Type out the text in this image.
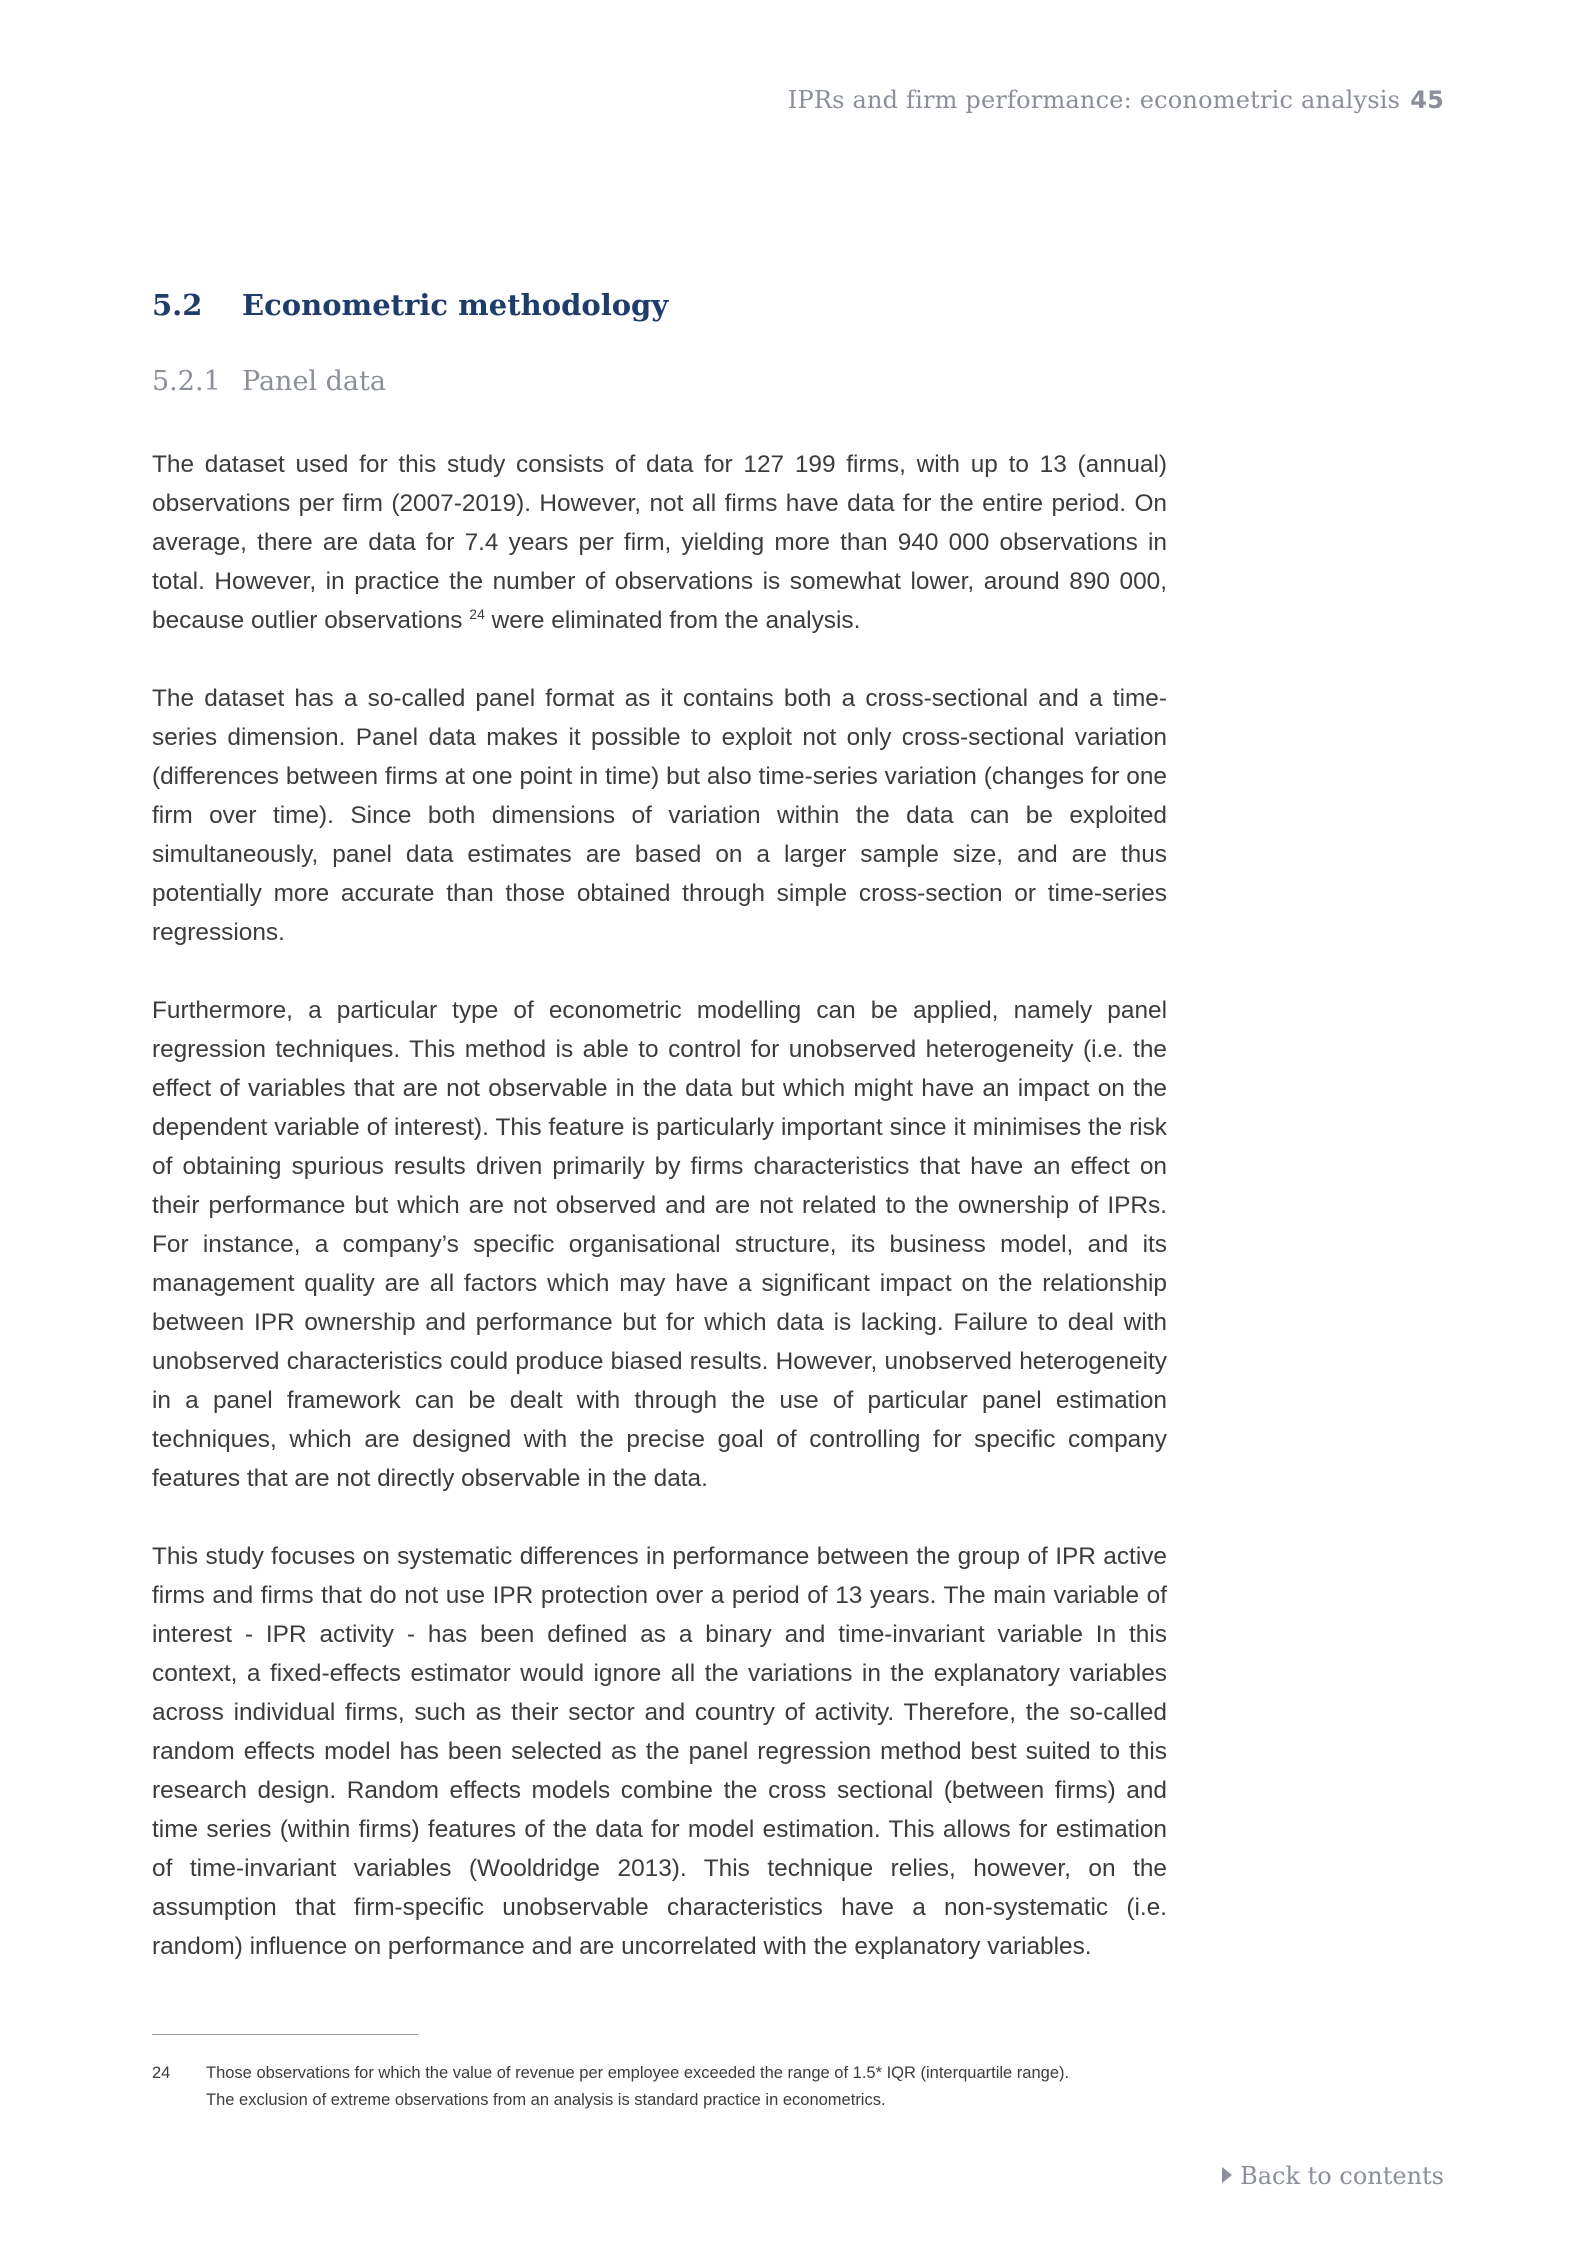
IPRs and firm performance: econometric analysis 45
5.2 Econometric methodology
5.2.1 Panel data

The dataset used for this study consists of data for 127 199 firms, with up to 13 (annual) observations per firm (2007-2019). However, not all firms have data for the entire period. On average, there are data for 7.4 years per firm, yielding more than 940 000 observations in total. However, in practice the number of observations is somewhat lower, around 890 000, because outlier observations $^{24}$ were eliminated from the analysis.

The dataset has a so-called panel format as it contains both a cross-sectional and a time-series dimension. Panel data makes it possible to exploit not only cross-sectional variation (differences between firms at one point in time) but also time-series variation (changes for one firm over time). Since both dimensions of variation within the data can be exploited simultaneously, panel data estimates are based on a larger sample size, and are thus potentially more accurate than those obtained through simple cross-section or time-series regressions.

Furthermore, a particular type of econometric modelling can be applied, namely panel regression techniques. This method is able to control for unobserved heterogeneity (i.e. the effect of variables that are not observable in the data but which might have an impact on the dependent variable of interest). This feature is particularly important since it minimises the risk of obtaining spurious results driven primarily by firms characteristics that have an effect on their performance but which are not observed and are not related to the ownership of IPRs. For instance, a company’s specific organisational structure, its business model, and its management quality are all factors which may have a significant impact on the relationship between IPR ownership and performance but for which data is lacking. Failure to deal with unobserved characteristics could produce biased results. However, unobserved heterogeneity in a panel framework can be dealt with through the use of particular panel estimation techniques, which are designed with the precise goal of controlling for specific company features that are not directly observable in the data.

This study focuses on systematic differences in performance between the group of IPR active firms and firms that do not use IPR protection over a period of 13 years. The main variable of interest - IPR activity - has been defined as a binary and time-invariant variable In this context, a fixed-effects estimator would ignore all the variations in the explanatory variables across individual firms, such as their sector and country of activity. Therefore, the so-called random effects model has been selected as the panel regression method best suited to this research design. Random effects models combine the cross sectional (between firms) and time series (within firms) features of the data for model estimation. This allows for estimation of time-invariant variables (Wooldridge 2013). This technique relies, however, on the assumption that firm-specific unobservable characteristics have a non-systematic (i.e. random) influence on performance and are uncorrelated with the explanatory variables.

24 Those observations for which the value of revenue per employee exceeded the range of 1.5* IQR (interquartile range).
The exclusion of extreme observations from an analysis is standard practice in econometrics.
Back to contents
